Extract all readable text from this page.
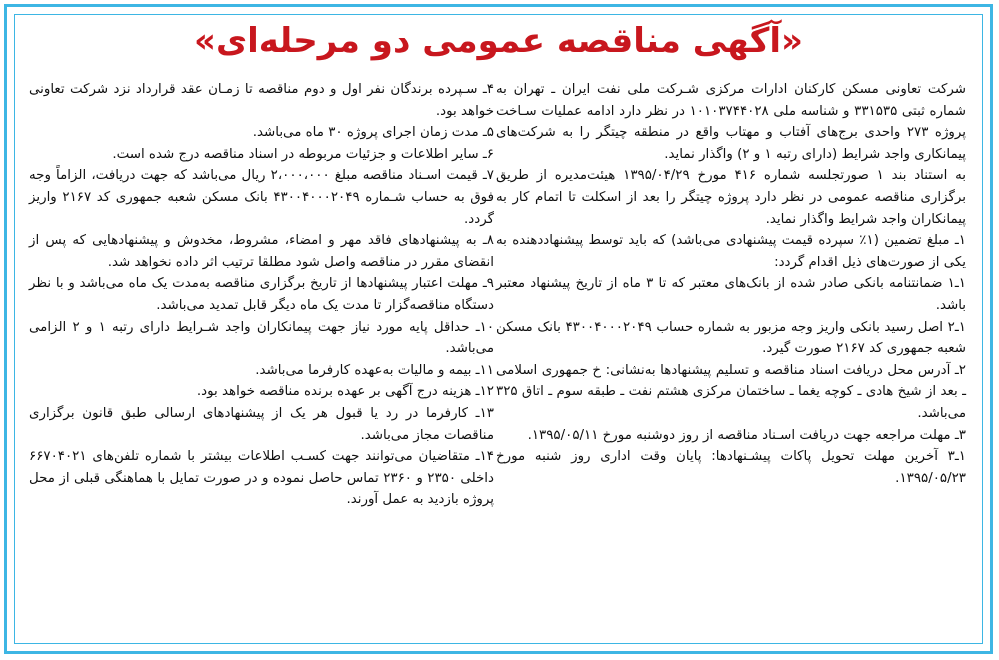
«آگهی مناقصه عمومی دو مرحله‌ای»

شرکت تعاونی مسکن کارکنان ادارات مرکزی شـرکت ملی نفت ایران ـ تهران به شماره ثبتی ۳۳۱۵۳۵ و شناسه ملی ۱۰۱۰۳۷۴۴۰۲۸ در نظر دارد ادامه عملیات سـاخت پروژه ۲۷۳ واحدی برج‌های آفتاب و مهتاب واقع در منطقه چیتگر را به شرکت‌های پیمانکاری واجد شرایط (دارای رتبه ۱ و ۲) واگذار نماید.

به استناد بند ۱ صورتجلسه شماره ۴۱۶ مورخ ۱۳۹۵/۰۴/۲۹ هیئت‌مدیره از طریق برگزاری مناقصه عمومی در نظر دارد پروژه چیتگر را بعد از اسکلت تا اتمام کار به پیمانکاران واجد شرایط واگذار نماید.

۱ـ مبلغ تضمین (۱٪ سپرده قیمت پیشنهادی می‌باشد) که باید توسط پیشنهاددهنده به یکی از صورت‌های ذیل اقدام گردد:

۱ـ۱ ضمانتنامه بانکی صادر شده از بانک‌های معتبر که تا ۳ ماه از تاریخ پیشنهاد معتبر باشد.

۱ـ۲ اصل رسید بانکی واریز وجه مزبور به شماره حساب ۴۳۰۰۴۰۰۰۲۰۴۹ بانک مسکن شعبه جمهوری کد ۲۱۶۷ صورت گیرد.

۲ـ آدرس محل دریافت اسناد مناقصه و تسلیم پیشنهادها به‌نشانی: خ جمهوری اسلامی ـ بعد از شیخ هادی ـ کوچه یغما ـ ساختمان مرکزی هشتم نفت ـ طبقه سوم ـ اتاق ۳۲۵ می‌باشد.

۳ـ مهلت مراجعه جهت دریافت اسـناد مناقصه از روز دوشنبه مورخ ۱۳۹۵/۰۵/۱۱.

۱ـ۳ آخرین مهلت تحویل پاکات پیشـنهادها: پایان وقت اداری روز شنبه مورخ ۱۳۹۵/۰۵/۲۳.

۴ـ سـپرده برندگان نفر اول و دوم مناقصه تا زمـان عقد قرارداد نزد شرکت تعاونی خواهد بود.

۵ـ مدت زمان اجرای پروژه ۳۰ ماه می‌باشد.

۶ـ سایر اطلاعات و جزئیات مربوطه در اسناد مناقصه درج شده است.

۷ـ قیمت اسـناد مناقصه مبلغ ۲،۰۰۰،۰۰۰ ریال می‌باشد که جهت دریافت، الزاماً وجه فوق به حساب شـماره ۴۳۰۰۴۰۰۰۲۰۴۹ بانک مسکن شعبه جمهوری کد ۲۱۶۷ واریز گردد.

۸ـ به پیشنهادهای فاقد مهر و امضاء، مشروط، مخدوش و پیشنهادهایی که پس از انقضای مقرر در مناقصه واصل شود مطلقا ترتیب اثر داده نخواهد شد.

۹ـ مهلت اعتبار پیشنهادها از تاریخ برگزاری مناقصه به‌مدت یک ماه می‌باشد و با نظر دستگاه مناقصه‌گزار تا مدت یک ماه دیگر قابل تمدید می‌باشد.

۱۰ـ حداقل پایه مورد نیاز جهت پیمانکاران واجد شـرایط دارای رتبه ۱ و ۲ الزامی می‌باشد.

۱۱ـ بیمه و مالیات به‌عهده کارفرما می‌باشد.

۱۲ـ هزینه درج آگهی بر عهده برنده مناقصه خواهد بود.

۱۳ـ کارفرما در رد یا قبول هر یک از پیشنهادهای ارسالی طبق قانون برگزاری مناقصات مجاز می‌باشد.

۱۴ـ متقاضیان می‌توانند جهت کسـب اطلاعات بیشتر با شماره تلفن‌های ۶۶۷۰۴۰۲۱ داخلی ۲۳۵۰ و ۲۳۶۰ تماس حاصل نموده و در صورت تمایل با هماهنگی قبلی از محل پروژه بازدید به عمل آورند.
